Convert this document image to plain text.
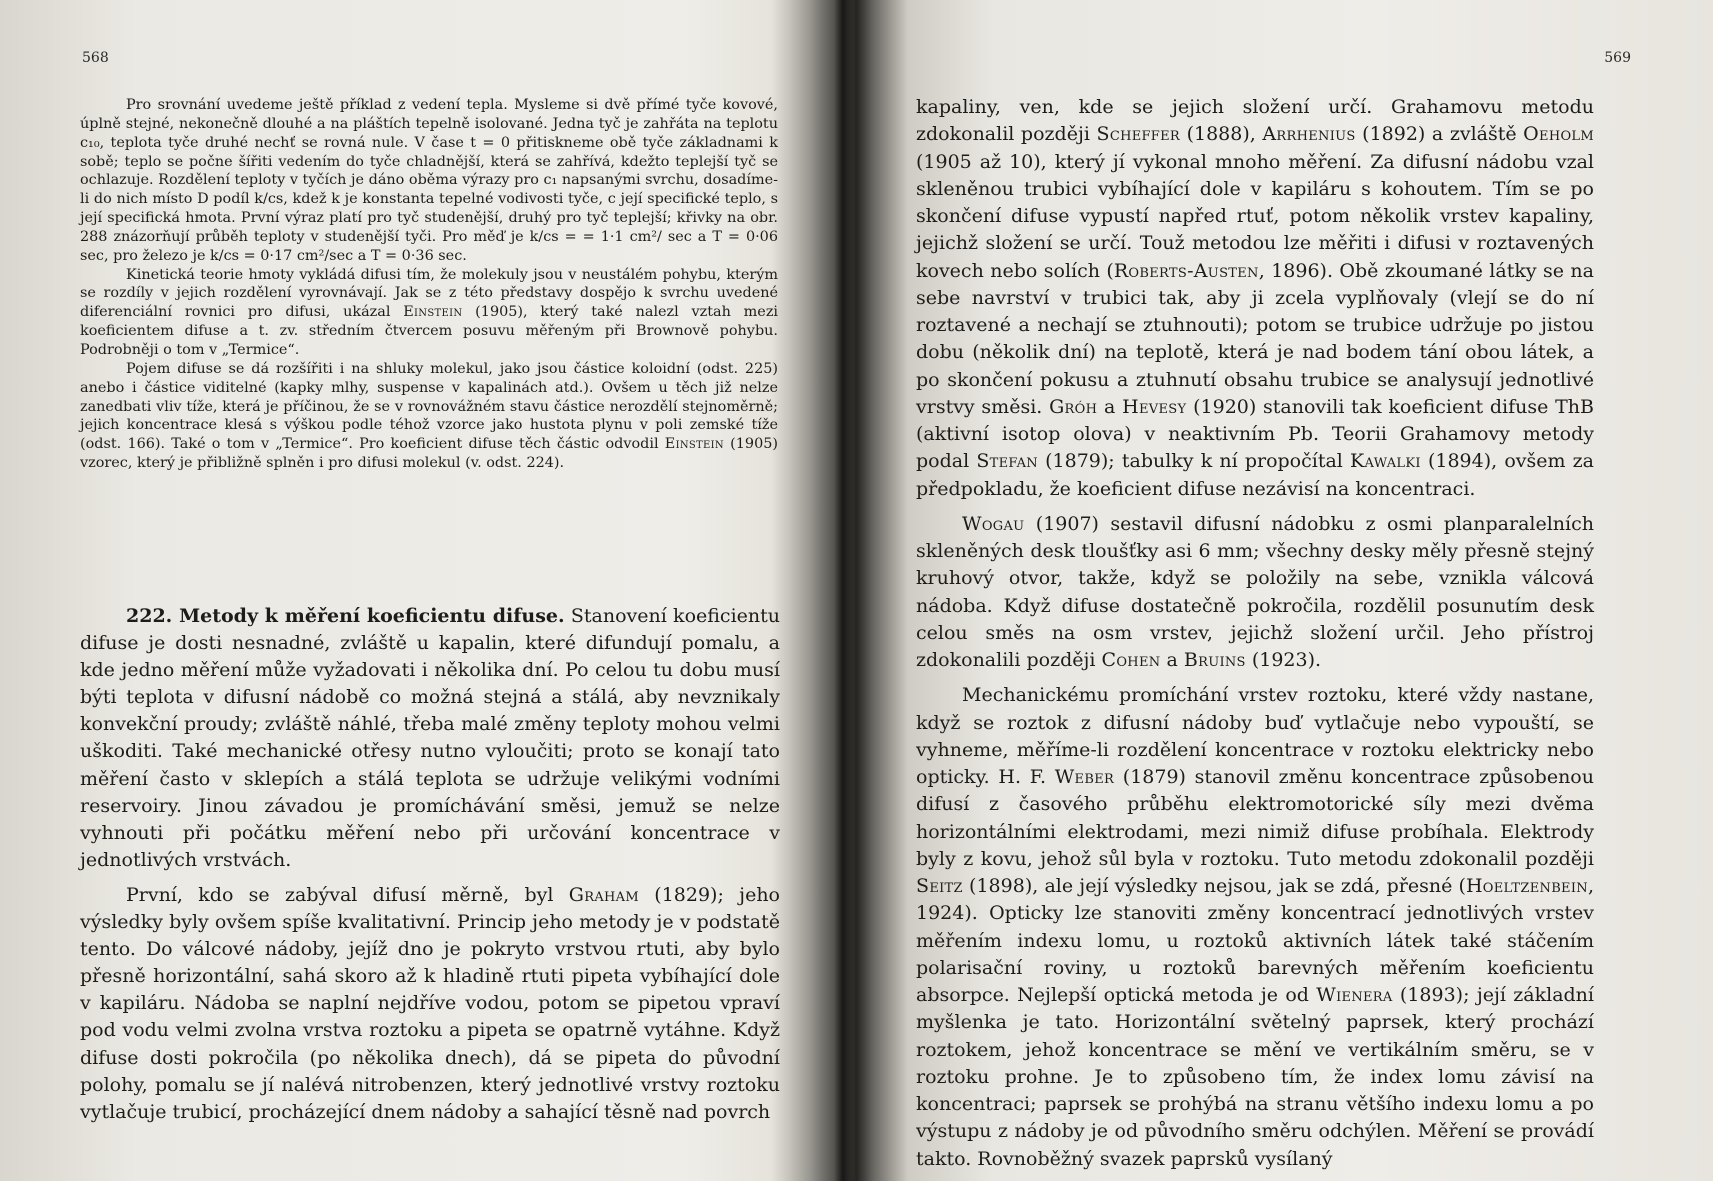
568

Pro srovnání uvedeme ještě příklad z vedení tepla. Mysleme si dvě přímé tyče kovové, úplně stejné, nekonečně dlouhé a na pláštích tepelně isolované. Jedna tyč je zahřáta na teplotu c₁₀, teplota tyče druhé nechť se rovná nule. V čase t = 0 přitiskneme obě tyče základnami k sobě; teplo se počne šířiti vedením do tyče chladnější, která se zahřívá, kdežto teplejší tyč se ochlazuje. Rozdělení teploty v tyčích je dáno oběma výrazy pro c₁ napsanými svrchu, dosadíme-li do nich místo D podíl k/cs, kdež k je konstanta tepelné vodivosti tyče, c její specifické teplo, s její specifická hmota. První výraz platí pro tyč studenější, druhý pro tyč teplejší; křivky na obr. 288 znázorňují průběh teploty v studenější tyči. Pro měď je k/cs = = 1·1 cm²/ sec a T = 0·06 sec, pro železo je k/cs = 0·17 cm²/sec a T = 0·36 sec.

Kinetická teorie hmoty vykládá difusi tím, že molekuly jsou v neustálém pohybu, kterým se rozdíly v jejich rozdělení vyrovnávají. Jak se z této představy dospějo k svrchu uvedené diferenciální rovnici pro difusi, ukázal Einstein (1905), který také nalezl vztah mezi koeficientem difuse a t. zv. středním čtvercem posuvu měřeným při Brownově pohybu. Podrobněji o tom v „Termice“.

Pojem difuse se dá rozšířiti i na shluky molekul, jako jsou částice koloidní (odst. 225) anebo i částice viditelné (kapky mlhy, suspense v kapalinách atd.). Ovšem u těch již nelze zanedbati vliv tíže, která je příčinou, že se v rovnovážném stavu částice nerozdělí stejnoměrně; jejich koncentrace klesá s výškou podle téhož vzorce jako hustota plynu v poli zemské tíže (odst. 166). Také o tom v „Termice“. Pro koeficient difuse těch částic odvodil Einstein (1905) vzorec, který je přibližně splněn i pro difusi molekul (v. odst. 224).

222. Metody k měření koeficientu difuse. Stanovení koeficientu difuse je dosti nesnadné, zvláště u kapalin, které difundují pomalu, a kde jedno měření může vyžadovati i několika dní. Po celou tu dobu musí býti teplota v difusní nádobě co možná stejná a stálá, aby nevznikaly konvekční proudy; zvláště náhlé, třeba malé změny teploty mohou velmi uškoditi. Také mechanické otřesy nutno vyloučiti; proto se konají tato měření často v sklepích a stálá teplota se udržuje velikými vodními reservoiry. Jinou závadou je promíchávání směsi, jemuž se nelze vyhnouti při počátku měření nebo při určování koncentrace v jednotlivých vrstvách.

První, kdo se zabýval difusí měrně, byl Graham (1829); jeho výsledky byly ovšem spíše kvalitativní. Princip jeho metody je v podstatě tento. Do válcové nádoby, jejíž dno je pokryto vrstvou rtuti, aby bylo přesně horizontální, sahá skoro až k hladině rtuti pipeta vybíhající dole v kapiláru. Nádoba se naplní nejdříve vodou, potom se pipetou vpraví pod vodu velmi zvolna vrstva roztoku a pipeta se opatrně vytáhne. Když difuse dosti pokročila (po několika dnech), dá se pipeta do původní polohy, pomalu se jí nalévá nitrobenzen, který jednotlivé vrstvy roztoku vytlačuje trubicí, procházející dnem nádoby a sahající těsně nad povrch

569

kapaliny, ven, kde se jejich složení určí. Grahamovu metodu zdokonalil později Scheffer (1888), Arrhenius (1892) a zvláště Oeholm (1905 až 10), který jí vykonal mnoho měření. Za difusní nádobu vzal skleněnou trubici vybíhající dole v kapiláru s kohoutem. Tím se po skončení difuse vypustí napřed rtuť, potom několik vrstev kapaliny, jejichž složení se určí. Touž metodou lze měřiti i difusi v roztavených kovech nebo solích (Roberts-Austen, 1896). Obě zkoumané látky se na sebe navrství v trubici tak, aby ji zcela vyplňovaly (vlejí se do ní roztavené a nechají se ztuhnouti); potom se trubice udržuje po jistou dobu (několik dní) na teplotě, která je nad bodem tání obou látek, a po skončení pokusu a ztuhnutí obsahu trubice se analysují jednotlivé vrstvy směsi. Gróh a Hevesy (1920) stanovili tak koeficient difuse ThB (aktivní isotop olova) v neaktivním Pb. Teorii Grahamovy metody podal Stefan (1879); tabulky k ní propočítal Kawalki (1894), ovšem za předpokladu, že koeficient difuse nezávisí na koncentraci.

Wogau (1907) sestavil difusní nádobku z osmi planparalelních skleněných desk tloušťky asi 6 mm; všechny desky měly přesně stejný kruhový otvor, takže, když se položily na sebe, vznikla válcová nádoba. Když difuse dostatečně pokročila, rozdělil posunutím desk celou směs na osm vrstev, jejichž složení určil. Jeho přístroj zdokonalili později Cohen a Bruins (1923).

Mechanickému promíchání vrstev roztoku, které vždy nastane, když se roztok z difusní nádoby buď vytlačuje nebo vypouští, se vyhneme, měříme-li rozdělení koncentrace v roztoku elektricky nebo opticky. H. F. Weber (1879) stanovil změnu koncentrace způsobenou difusí z časového průběhu elektromotorické síly mezi dvěma horizontálními elektrodami, mezi nimiž difuse probíhala. Elektrody byly z kovu, jehož sůl byla v roztoku. Tuto metodu zdokonalil později Seitz (1898), ale její výsledky nejsou, jak se zdá, přesné (Hoeltzenbein, 1924). Opticky lze stanoviti změny koncentrací jednotlivých vrstev měřením indexu lomu, u roztoků aktivních látek také stáčením polarisační roviny, u roztoků barevných měřením koeficientu absorpce. Nejlepší optická metoda je od Wienera (1893); její základní myšlenka je tato. Horizontální světelný paprsek, který prochází roztokem, jehož koncentrace se mění ve vertikálním směru, se v roztoku prohne. Je to způsobeno tím, že index lomu závisí na koncentraci; paprsek se prohýbá na stranu většího indexu lomu a po výstupu z nádoby je od původního směru odchýlen. Měření se provádí takto. Rovnoběžný svazek paprsků vysílaný
